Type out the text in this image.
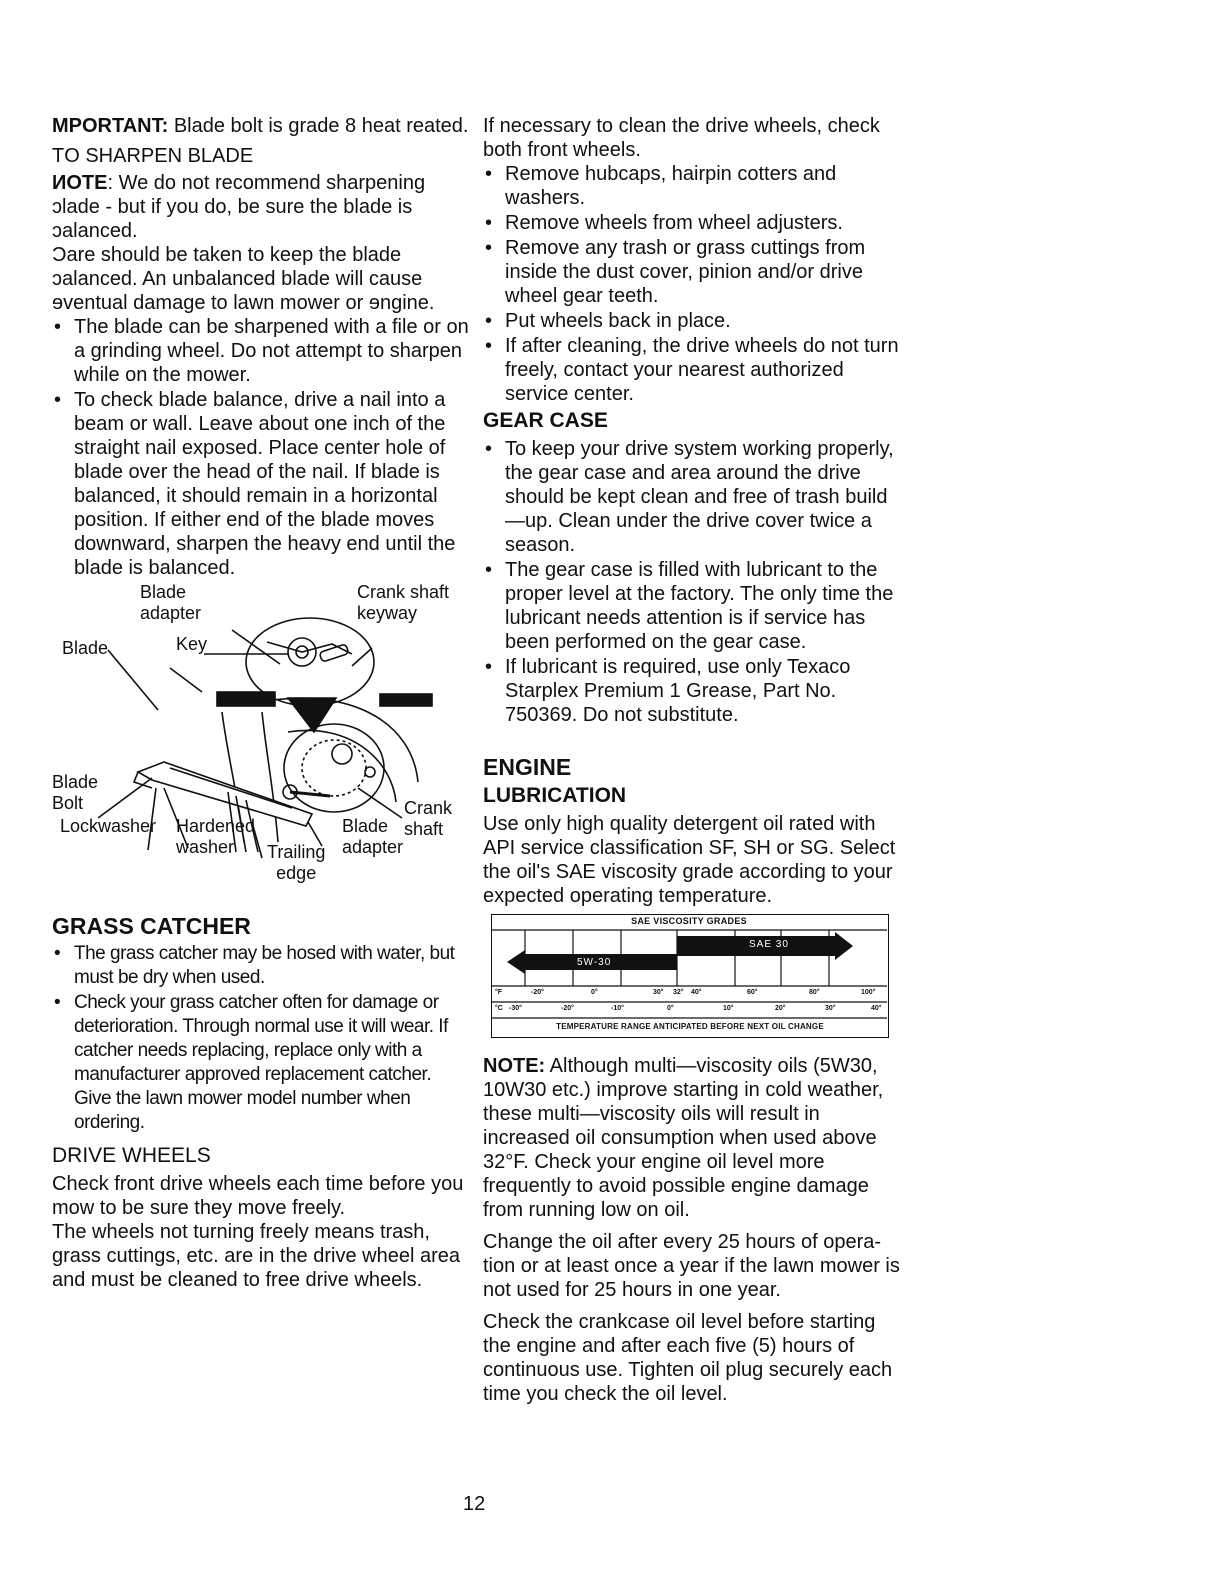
MPORTANT: Blade bolt is grade 8 heat reated.

ТO SHARPEN BLADE

ИOTE: We do not recommend sharpening ɔlade - but if you do, be sure the blade is ɔalanced.

Ɔare should be taken to keep the blade ɔalanced. An unbalanced blade will cause ɘventual damage to lawn mower or ɘngine.

• The blade can be sharpened with a file or on a grinding wheel. Do not attempt to sharpen while on the mower.
• To check blade balance, drive a nail into a beam or wall. Leave about one inch of the straight nail exposed. Place center hole of blade over the head of the nail. If blade is balanced, it should remain in a horizontal position. If either end of the blade moves downward, sharpen the heavy end until the blade is balanced.
Blade
adapter
Crank shaft
keyway
Blade	Key
Blade
Bolt
Lockwasher Hardened
washer	Trailing
edge
Blade
adapter
Crank
shaft
GRASS CATCHER
• The grass catcher may be hosed with water, but must be dry when used.
• Check your grass catcher often for damage or deterioration. Through normal use it will wear. If catcher needs replacing, replace only with a manufacturer approved replacement catcher. Give the lawn mower model number when ordering.
DRIVE WHEELS

Check front drive wheels each time before you mow to be sure they move freely.

The wheels not turning freely means trash, grass cuttings, etc. are in the drive wheel area and must be cleaned to free drive wheels.

If necessary to clean the drive wheels, check both front wheels.

• Remove hubcaps, hairpin cotters and washers.
• Remove wheels from wheel adjusters.
• Remove any trash or grass cuttings from inside the dust cover, pinion and/or drive wheel gear teeth.
• Put wheels back in place.
• If after cleaning, the drive wheels do not turn freely, contact your nearest authorized service center.
GEAR CASE
• To keep your drive system working properly, the gear case and area around the drive should be kept clean and free of trash build—up. Clean under the drive cover twice a season.
• The gear case is filled with lubricant to the proper level at the factory. The only time the lubricant needs attention is if service has been performed on the gear case.
• If lubricant is required, use only Texaco Starplex Premium 1 Grease, Part No. 750369. Do not substitute.
ENGINE
LUBRICATION

Use only high quality detergent oil rated with API service classification SF, SH or SG. Select the oil's SAE viscosity grade according to your expected operating temperature.

SAE VISCOSITY GRADES
SAE 30
5W-30
°F	-20°	0°	30° 32° 40°	60°	80°	100°
°C -30°	-20°	-10°	0°	10°	20°	30°	40°
TEMPERATURE RANGE ANTICIPATED BEFORE NEXT OIL CHANGE

NOTE: Although multi—viscosity oils (5W30, 10W30 etc.) improve starting in cold weather, these multi—viscosity oils will result in increased oil consumption when used above 32°F. Check your engine oil level more frequently to avoid possible engine damage from running low on oil.

Change the oil after every 25 hours of opera-tion or at least once a year if the lawn mower is not used for 25 hours in one year.

Check the crankcase oil level before starting the engine and after each five (5) hours of continuous use. Tighten oil plug securely each time you check the oil level.

12
